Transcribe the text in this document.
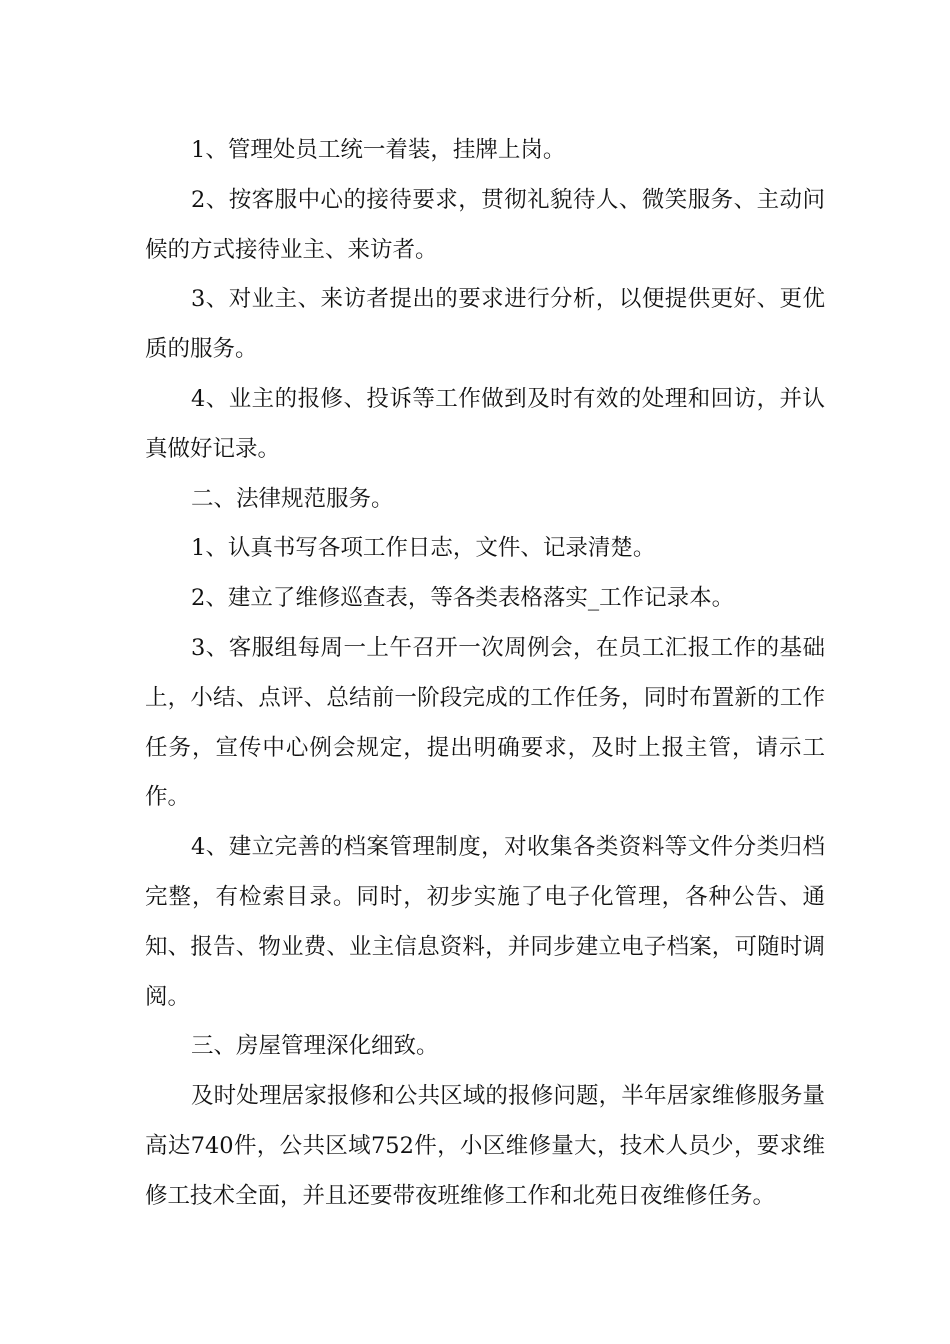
1、管理处员工统一着装，挂牌上岗。

2、按客服中心的接待要求，贯彻礼貌待人、微笑服务、主动问候的方式接待业主、来访者。

3、对业主、来访者提出的要求进行分析，以便提供更好、更优质的服务。

4、业主的报修、投诉等工作做到及时有效的处理和回访，并认真做好记录。

二、法律规范服务。

1、认真书写各项工作日志，文件、记录清楚。

2、建立了维修巡查表，等各类表格落实_工作记录本。

3、客服组每周一上午召开一次周例会，在员工汇报工作的基础上，小结、点评、总结前一阶段完成的工作任务，同时布置新的工作任务，宣传中心例会规定，提出明确要求，及时上报主管，请示工作。

4、建立完善的档案管理制度，对收集各类资料等文件分类归档完整，有检索目录。同时，初步实施了电子化管理，各种公告、通知、报告、物业费、业主信息资料，并同步建立电子档案，可随时调阅。

三、房屋管理深化细致。

及时处理居家报修和公共区域的报修问题，半年居家维修服务量高达740件，公共区域752件，小区维修量大，技术人员少，要求维修工技术全面，并且还要带夜班维修工作和北苑日夜维修任务。
